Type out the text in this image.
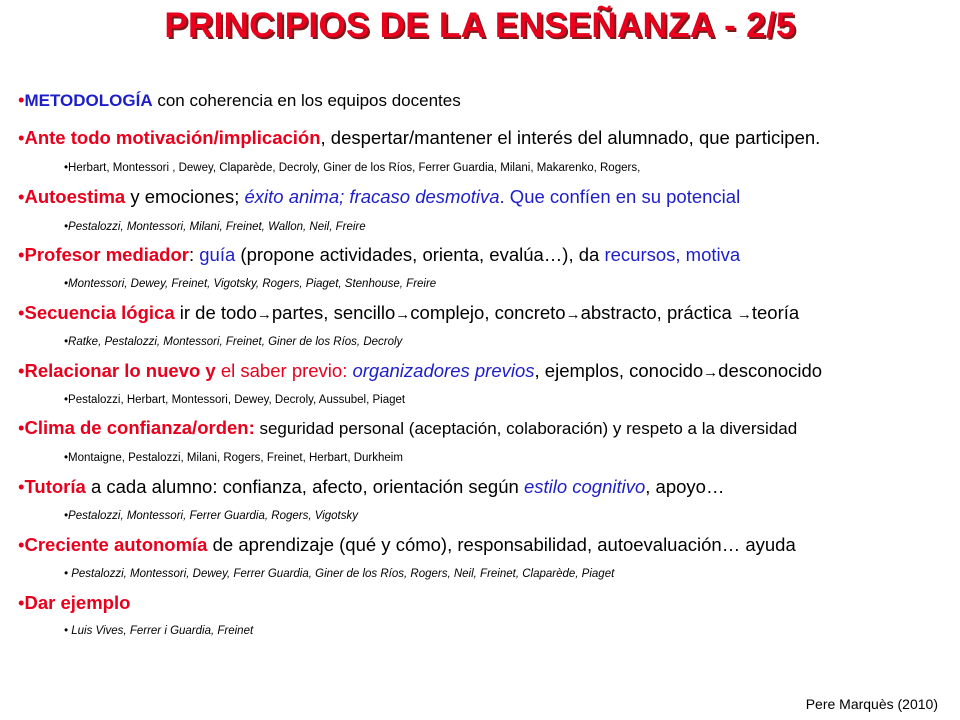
PRINCIPIOS DE LA ENSEÑANZA - 2/5
•METODOLOGÍA con coherencia en los equipos docentes
•Ante todo motivación/implicación, despertar/mantener el interés del alumnado, que participen.
•Herbart, Montessori , Dewey, Claparède, Decroly, Giner de los Ríos, Ferrer Guardia, Milani, Makarenko, Rogers,
•Autoestima y emociones; éxito anima; fracaso desmotiva. Que confíen en su potencial
•Pestalozzi, Montessori, Milani, Freinet, Wallon, Neil, Freire
•Profesor mediador: guía (propone actividades, orienta, evalúa…), da recursos, motiva
•Montessori, Dewey, Freinet, Vigotsky, Rogers, Piaget, Stenhouse, Freire
•Secuencia lógica ir de todo→partes, sencillo→complejo, concreto→abstracto, práctica →teoría
•Ratke, Pestalozzi, Montessori, Freinet, Giner de los Ríos, Decroly
•Relacionar lo nuevo y el saber previo: organizadores previos, ejemplos, conocido→desconocido
•Pestalozzi, Herbart, Montessori, Dewey, Decroly, Aussubel, Piaget
•Clima de confianza/orden: seguridad personal (aceptación, colaboración) y respeto a la diversidad
•Montaigne, Pestalozzi, Milani, Rogers, Freinet, Herbart, Durkheim
•Tutoría a cada alumno: confianza, afecto, orientación según estilo cognitivo, apoyo…
•Pestalozzi, Montessori, Ferrer Guardia, Rogers, Vigotsky
•Creciente autonomía de aprendizaje (qué y cómo), responsabilidad, autoevaluación… ayuda
• Pestalozzi, Montessori, Dewey, Ferrer Guardia, Giner de los Ríos, Rogers, Neil, Freinet, Claparède, Piaget
•Dar ejemplo
• Luis Vives, Ferrer i Guardia, Freinet
Pere Marquès (2010)
